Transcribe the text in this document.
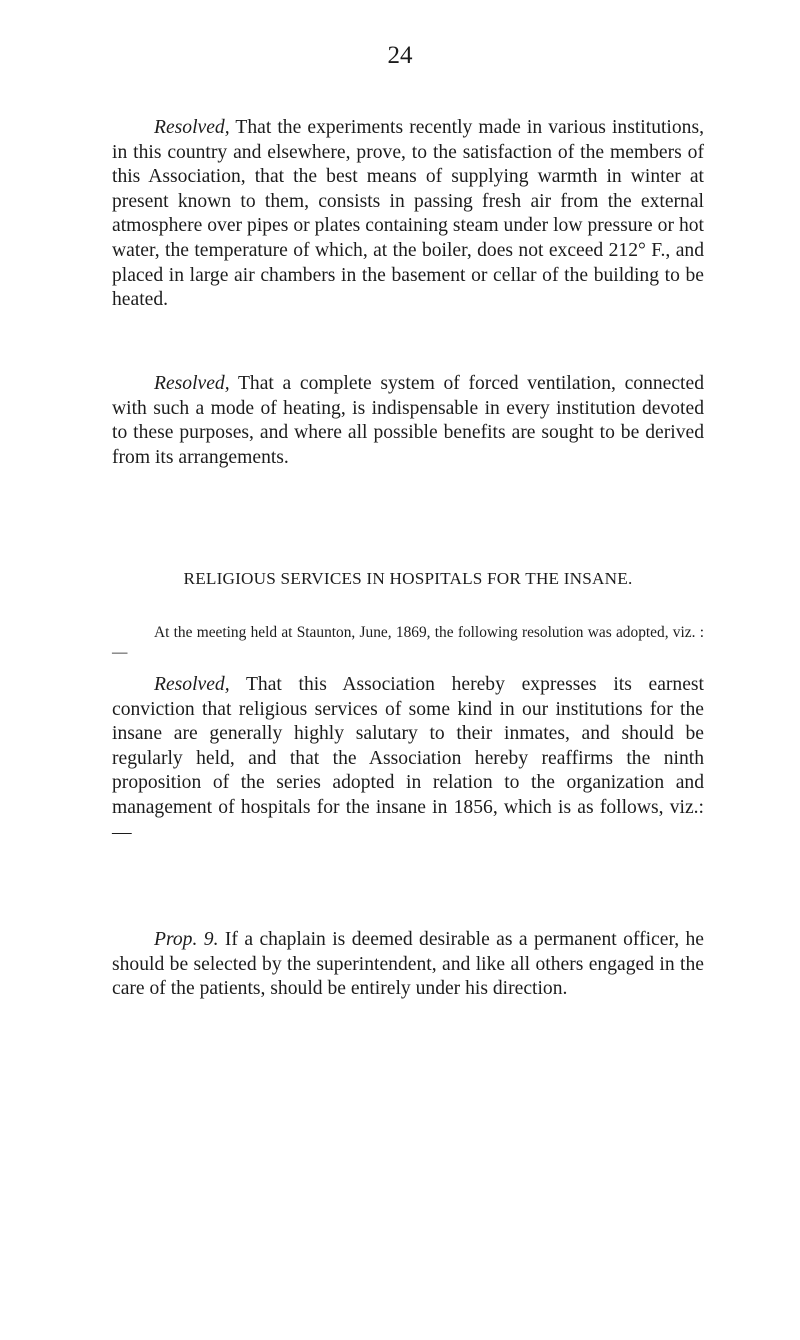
24

Resolved, That the experiments recently made in various institutions, in this country and elsewhere, prove, to the satisfaction of the members of this Association, that the best means of supplying warmth in winter at present known to them, consists in passing fresh air from the external atmosphere over pipes or plates containing steam under low pressure or hot water, the temperature of which, at the boiler, does not exceed 212° F., and placed in large air chambers in the basement or cellar of the building to be heated.

Resolved, That a complete system of forced ventilation, connected with such a mode of heating, is indispensable in every institution devoted to these purposes, and where all possible benefits are sought to be derived from its arrangements.

RELIGIOUS SERVICES IN HOSPITALS FOR THE INSANE.

At the meeting held at Staunton, June, 1869, the following resolution was adopted, viz. :—

Resolved, That this Association hereby expresses its earnest conviction that religious services of some kind in our institutions for the insane are generally highly salutary to their inmates, and should be regularly held, and that the Association hereby reaffirms the ninth proposition of the series adopted in relation to the organization and management of hospitals for the insane in 1856, which is as follows, viz.:—

Prop. 9. If a chaplain is deemed desirable as a permanent officer, he should be selected by the superintendent, and like all others engaged in the care of the patients, should be entirely under his direction.
